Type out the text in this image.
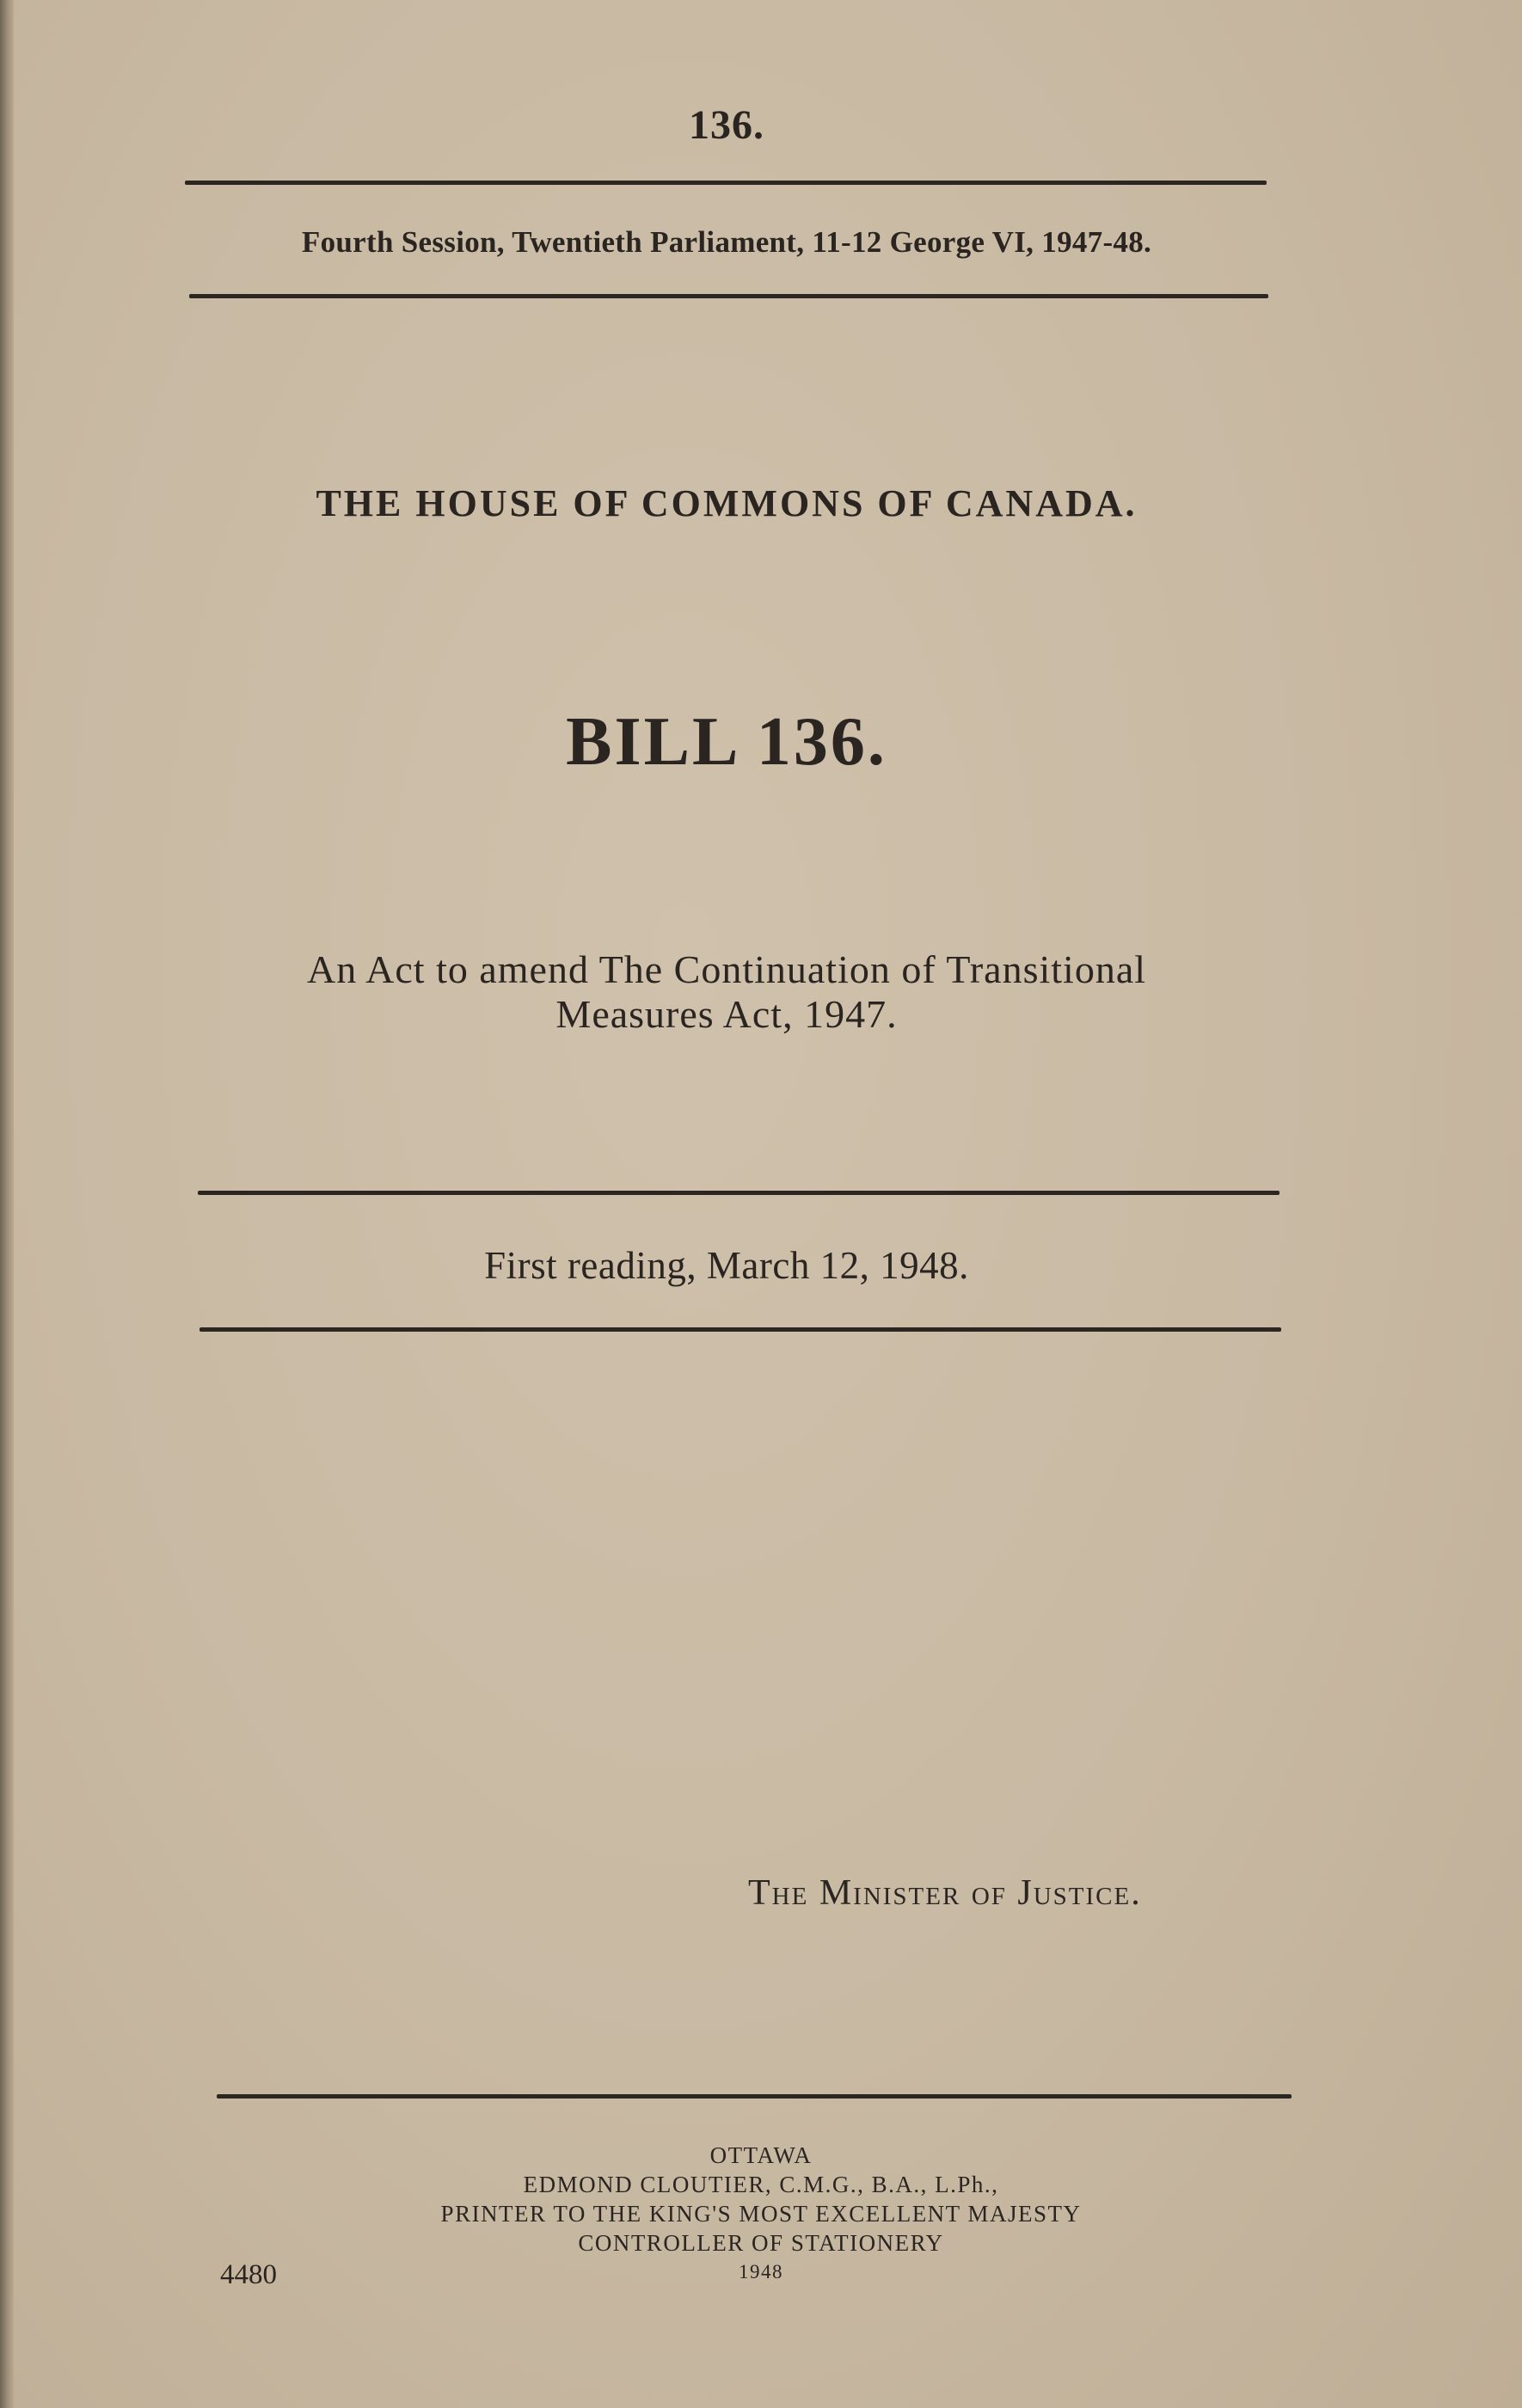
136.
Fourth Session, Twentieth Parliament, 11-12 George VI, 1947-48.
THE HOUSE OF COMMONS OF CANADA.
BILL 136.
An Act to amend The Continuation of Transitional
Measures Act, 1947.
First reading, March 12, 1948.
The Minister of Justice.
OTTAWA
EDMOND CLOUTIER, C.M.G., B.A., L.Ph.,
PRINTER TO THE KING'S MOST EXCELLENT MAJESTY
CONTROLLER OF STATIONERY
1948
4480
